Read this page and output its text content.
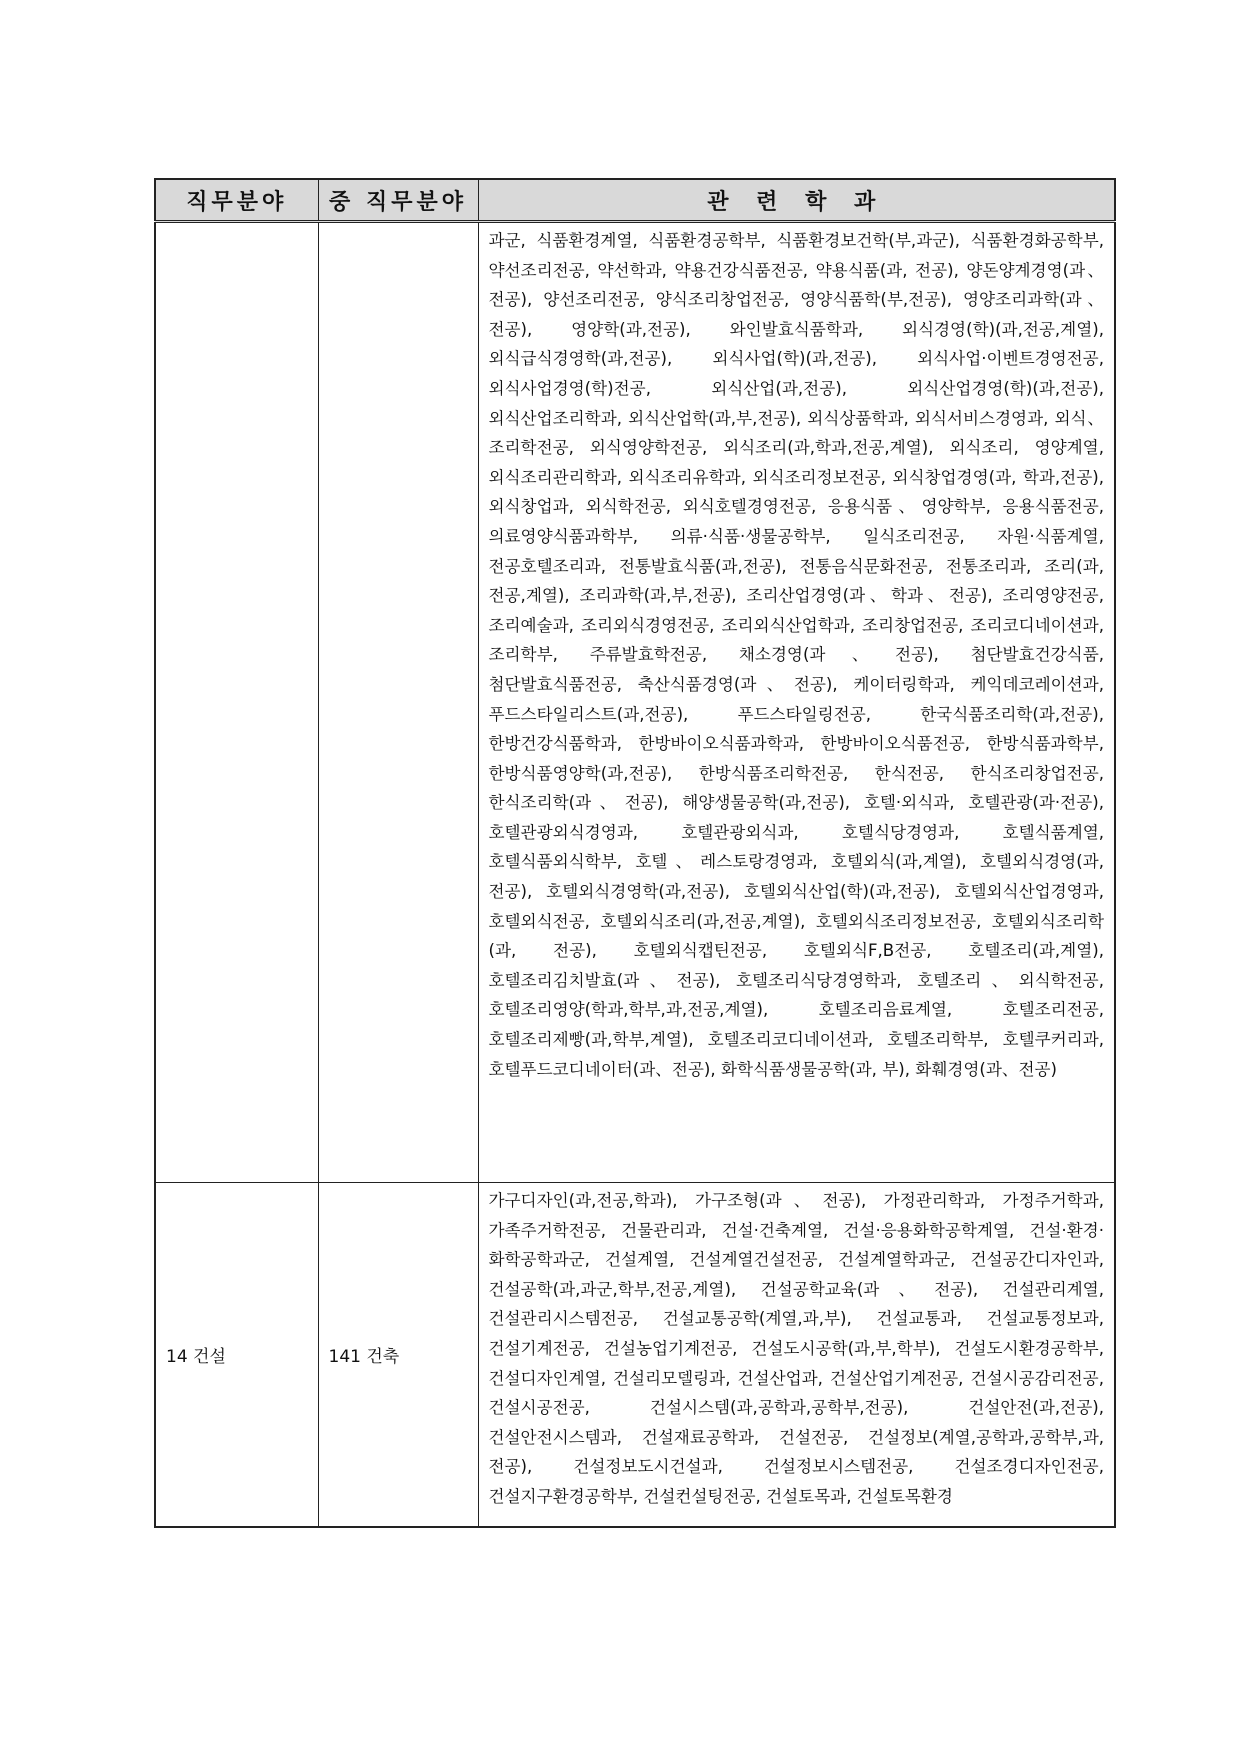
직무분야	중 직무분야	관 련 학 과
		과군, 식품환경계열, 식품환경공학부, 식품환경보건학(부,과군), 식품환경화공학부, 약선조리전공, 약선학과, 약용건강식품전공, 약용식품(과, 전공), 양돈양계경영(과、전공), 양선조리전공, 양식조리창업전공, 영양식품학(부,전공), 영양조리과학(과、전공), 영양학(과,전공), 와인발효식품학과, 외식경영(학)(과,전공,계열), 외식급식경영학(과,전공), 외식사업(학)(과,전공), 외식사업·이벤트경영전공, 외식사업경영(학)전공, 외식산업(과,전공), 외식산업경영(학)(과,전공), 외식산업조리학과, 외식산업학(과,부,전공), 외식상품학과, 외식서비스경영과, 외식、조리학전공, 외식영양학전공, 외식조리(과,학과,전공,계열), 외식조리, 영양계열, 외식조리관리학과, 외식조리유학과, 외식조리정보전공, 외식창업경영(과, 학과,전공), 외식창업과, 외식학전공, 외식호텔경영전공, 응용식품、영양학부, 응용식품전공, 의료영양식품과학부, 의류·식품·생물공학부, 일식조리전공, 자원·식품계열, 전공호텔조리과, 전통발효식품(과,전공), 전통음식문화전공, 전통조리과, 조리(과,전공,계열), 조리과학(과,부,전공), 조리산업경영(과、학과、전공), 조리영양전공, 조리예술과, 조리외식경영전공, 조리외식산업학과, 조리창업전공, 조리코디네이션과, 조리학부, 주류발효학전공, 채소경영(과、전공), 첨단발효건강식품, 첨단발효식품전공, 축산식품경영(과、전공), 케이터링학과, 케익데코레이션과, 푸드스타일리스트(과,전공), 푸드스타일링전공, 한국식품조리학(과,전공), 한방건강식품학과, 한방바이오식품과학과, 한방바이오식품전공, 한방식품과학부, 한방식품영양학(과,전공), 한방식품조리학전공, 한식전공, 한식조리창업전공, 한식조리학(과、전공), 해양생물공학(과,전공), 호텔·외식과, 호텔관광(과·전공), 호텔관광외식경영과, 호텔관광외식과, 호텔식당경영과, 호텔식품계열, 호텔식품외식학부, 호텔、레스토랑경영과, 호텔외식(과,계열), 호텔외식경영(과,전공), 호텔외식경영학(과,전공), 호텔외식산업(학)(과,전공), 호텔외식산업경영과, 호텔외식전공, 호텔외식조리(과,전공,계열), 호텔외식조리정보전공, 호텔외식조리학(과, 전공), 호텔외식캡틴전공, 호텔외식F,B전공, 호텔조리(과,계열), 호텔조리김치발효(과、전공), 호텔조리식당경영학과, 호텔조리、외식학전공, 호텔조리영양(학과,학부,과,전공,계열), 호텔조리음료계열, 호텔조리전공, 호텔조리제빵(과,학부,계열), 호텔조리코디네이션과, 호텔조리학부, 호텔쿠커리과, 호텔푸드코디네이터(과、전공), 화학식품생물공학(과, 부), 화훼경영(과、전공)
14 건설	141 건축	가구디자인(과,전공,학과), 가구조형(과、전공), 가정관리학과, 가정주거학과, 가족주거학전공, 건물관리과, 건설·건축계열, 건설·응용화학공학계열, 건설·환경·화학공학과군, 건설계열, 건설계열건설전공, 건설계열학과군, 건설공간디자인과, 건설공학(과,과군,학부,전공,계열), 건설공학교육(과、전공), 건설관리계열, 건설관리시스템전공, 건설교통공학(계열,과,부), 건설교통과, 건설교통정보과, 건설기계전공, 건설농업기계전공, 건설도시공학(과,부,학부), 건설도시환경공학부, 건설디자인계열, 건설리모델링과, 건설산업과, 건설산업기계전공, 건설시공감리전공, 건설시공전공, 건설시스템(과,공학과,공학부,전공), 건설안전(과,전공), 건설안전시스템과, 건설재료공학과, 건설전공, 건설정보(계열,공학과,공학부,과,전공), 건설정보도시건설과, 건설정보시스템전공, 건설조경디자인전공, 건설지구환경공학부, 건설컨설팅전공, 건설토목과, 건설토목환경
